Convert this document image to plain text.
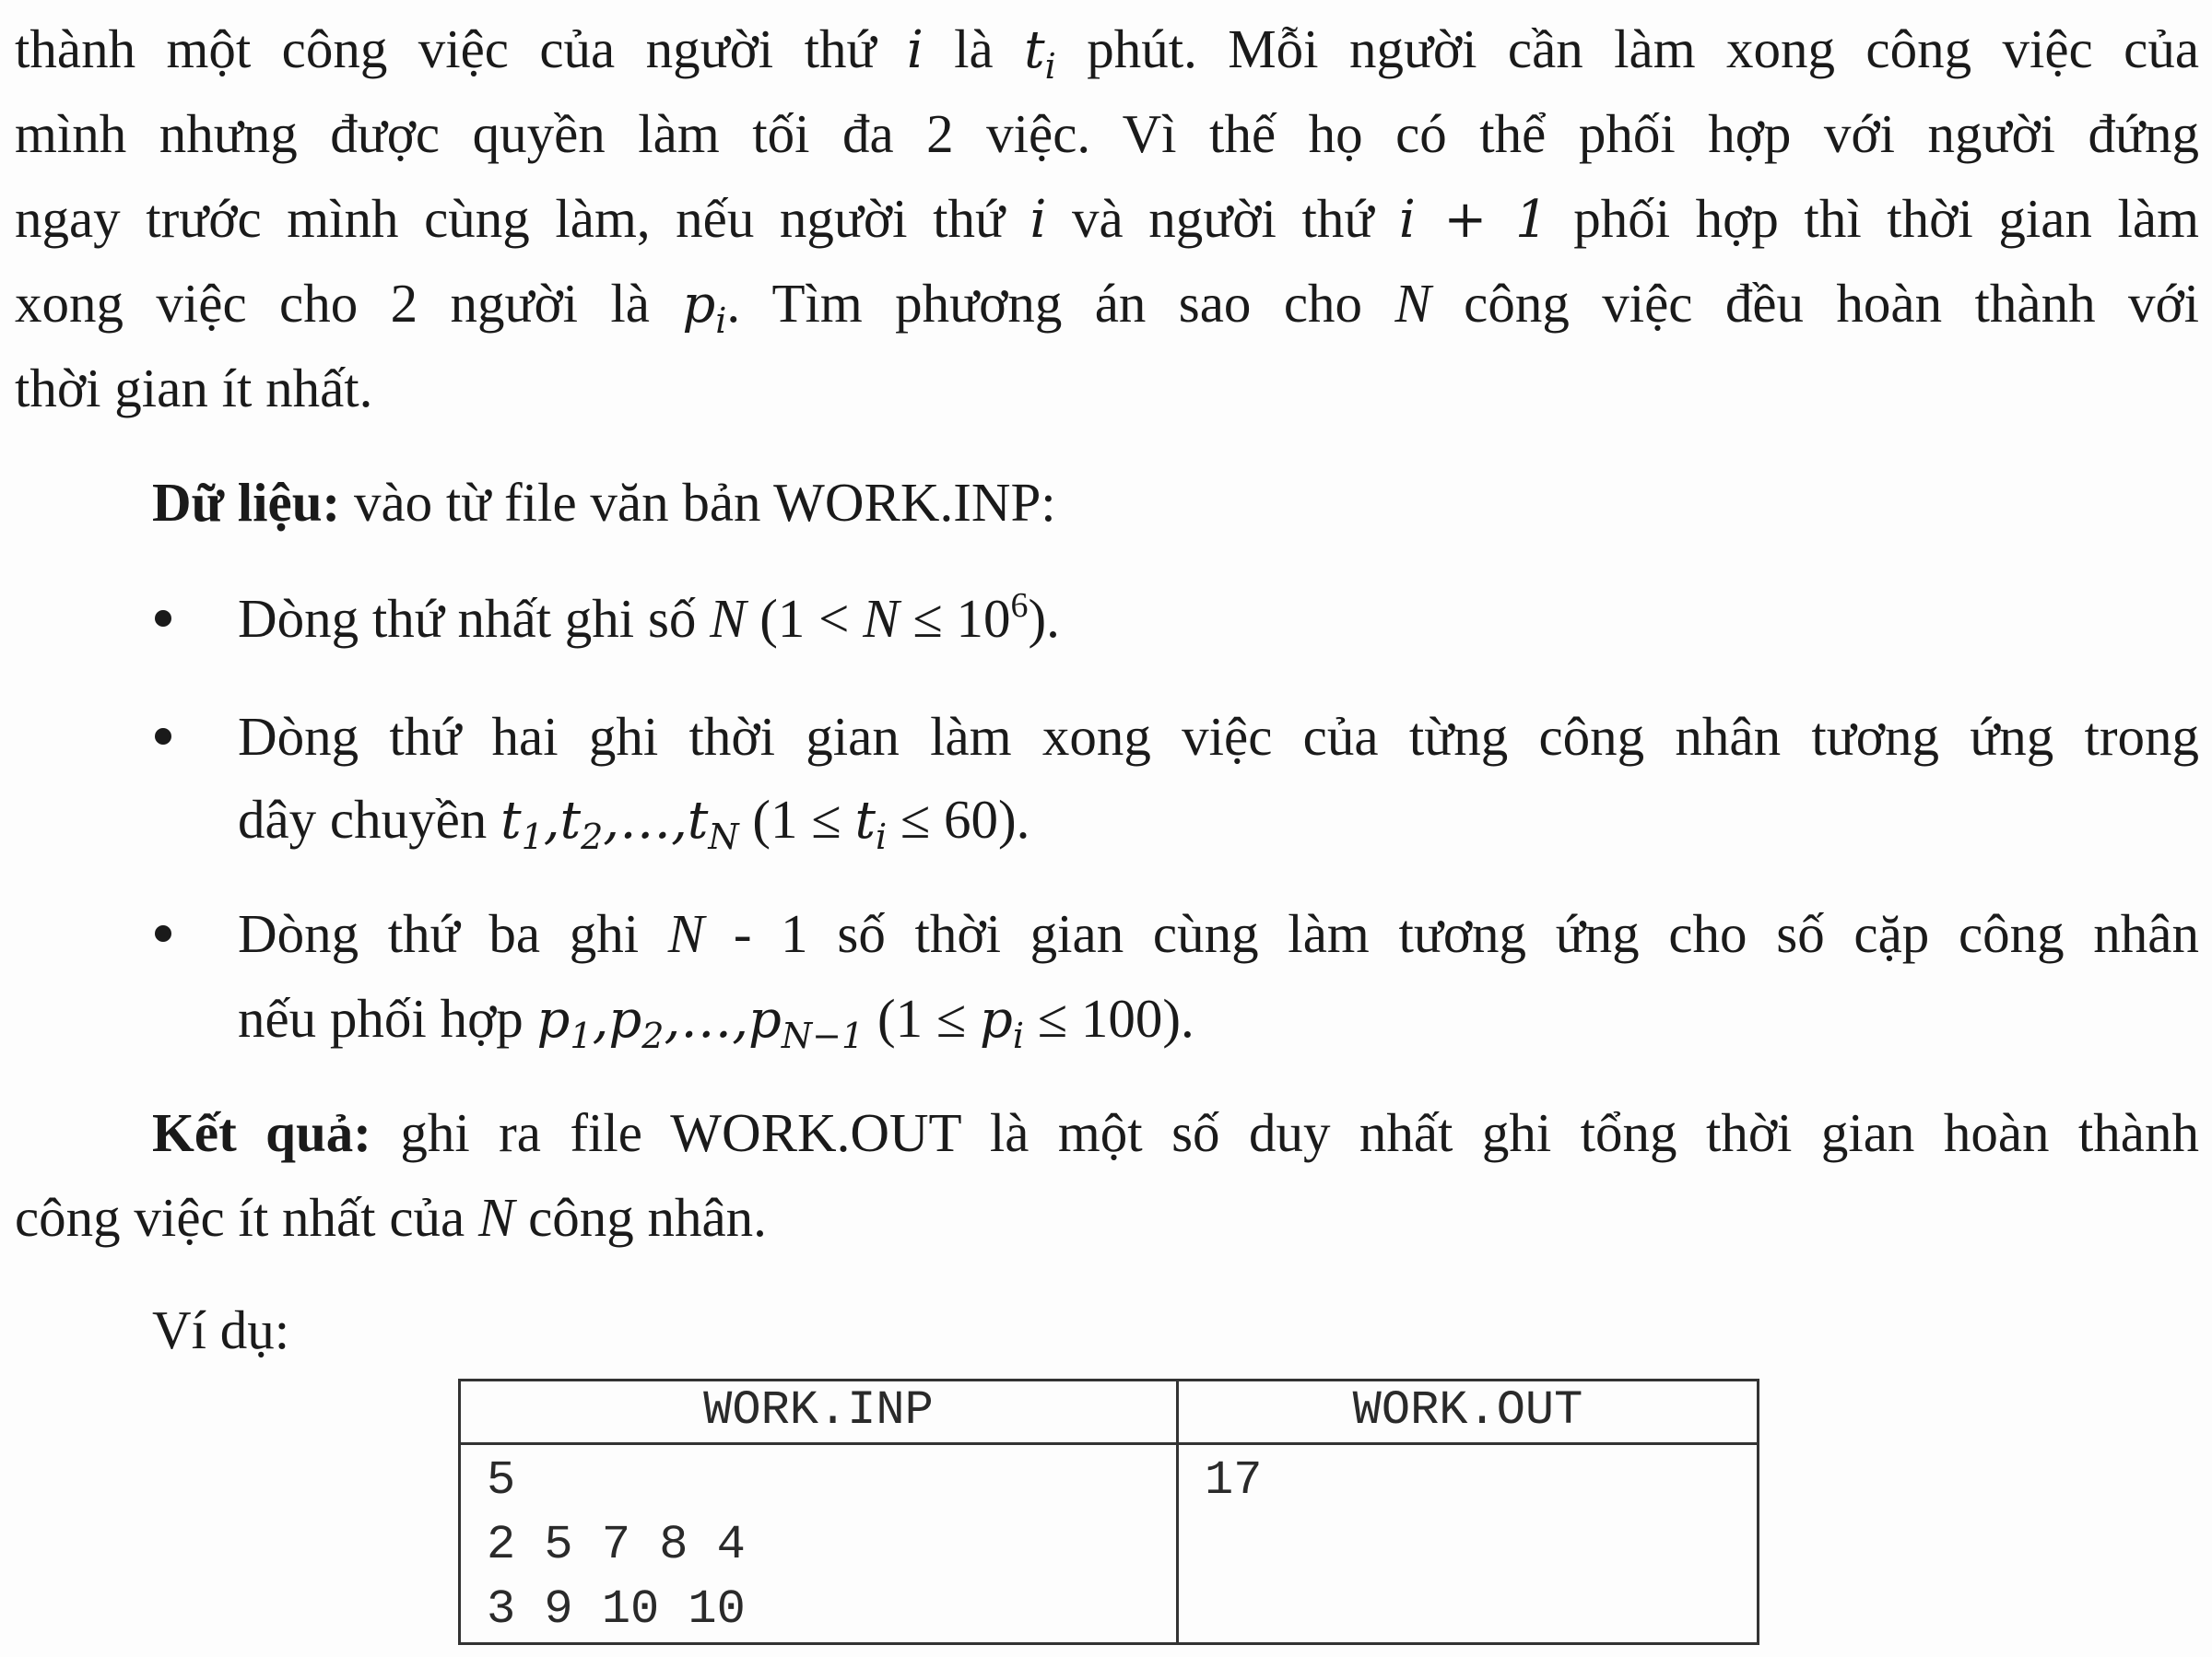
thành một công việc của người thứ i là $t_i$ phút. Mỗi người cần làm xong công việc của
mình nhưng được quyền làm tối đa 2 việc. Vì thế họ có thể phối hợp với người đứng
ngay trước mình cùng làm, nếu người thứ i và người thứ i + 1 phối hợp thì thời gian làm
xong việc cho 2 người là $p_i$. Tìm phương án sao cho N công việc đều hoàn thành với
thời gian ít nhất.
Dữ liệu: vào từ file văn bản WORK.INP:
Dòng thứ nhất ghi số N $(1 < N \le 10^6)$.
Dòng thứ hai ghi thời gian làm xong việc của từng công nhân tương ứng trong
dây chuyền $t_1,t_2,\dots,t_N$ $(1 \le t_i \le 60)$.
Dòng thứ ba ghi N - 1 số thời gian cùng làm tương ứng cho số cặp công nhân
nếu phối hợp $p_1,p_2,\dots,p_{N-1}$ $(1 \le p_i \le 100)$.
Kết quả: ghi ra file WORK.OUT là một số duy nhất ghi tổng thời gian hoàn thành
công việc ít nhất của N công nhân.
Ví dụ:
WORK.INP	WORK.OUT

5
2 5 7 8 4
3 9 10 10	17
